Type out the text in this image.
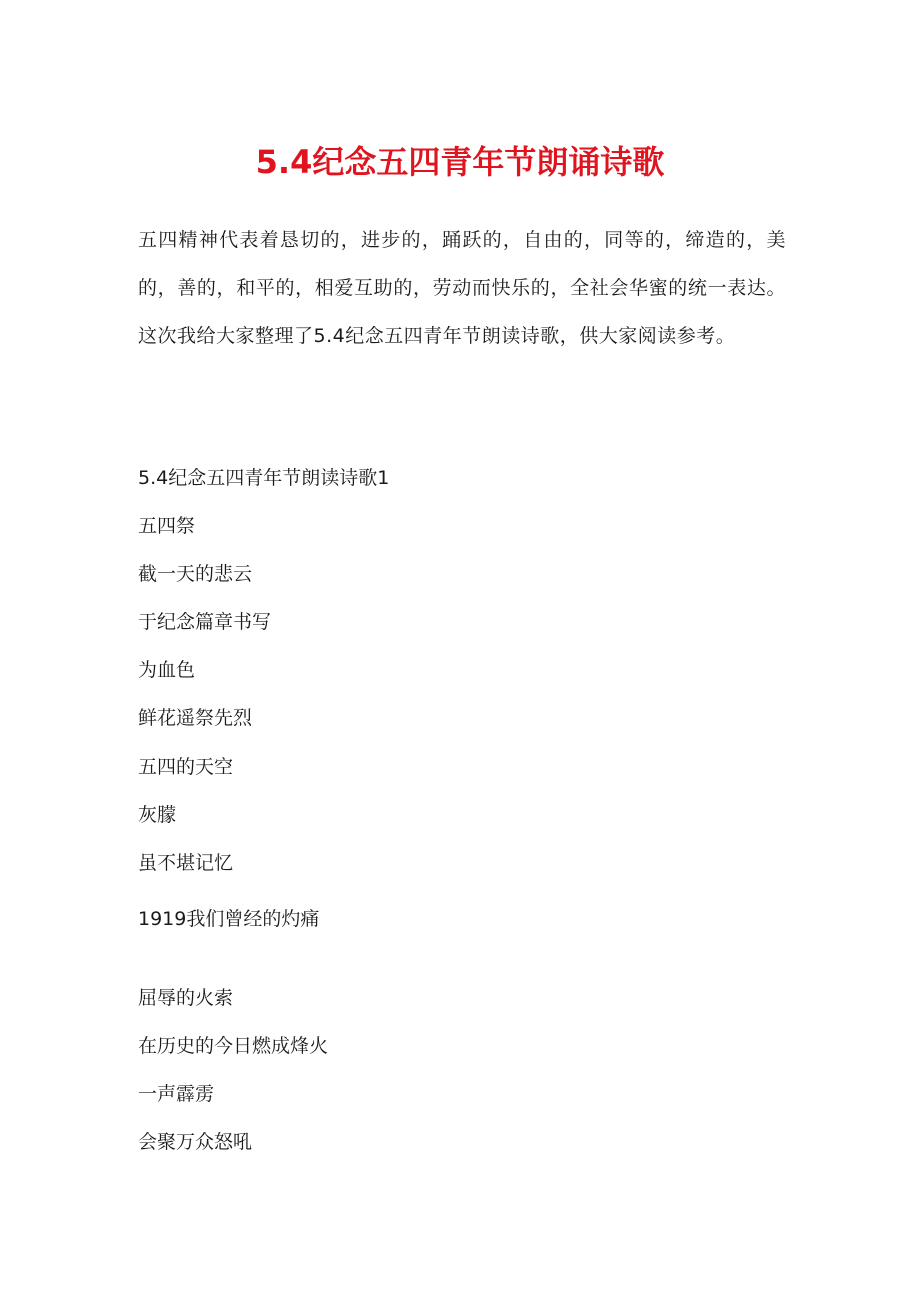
5.4纪念五四青年节朗诵诗歌
五四精神代表着恳切的，进步的，踊跃的，自由的，同等的，缔造的，美的，善的，和平的，相爱互助的，劳动而快乐的，全社会华蜜的统一表达。这次我给大家整理了5.4纪念五四青年节朗读诗歌，供大家阅读参考。
5.4纪念五四青年节朗读诗歌1
五四祭
截一天的悲云
于纪念篇章书写
为血色
鲜花遥祭先烈
五四的天空
灰朦
虽不堪记忆
1919我们曾经的灼痛
屈辱的火索
在历史的今日燃成烽火
一声霹雳
会聚万众怒吼
